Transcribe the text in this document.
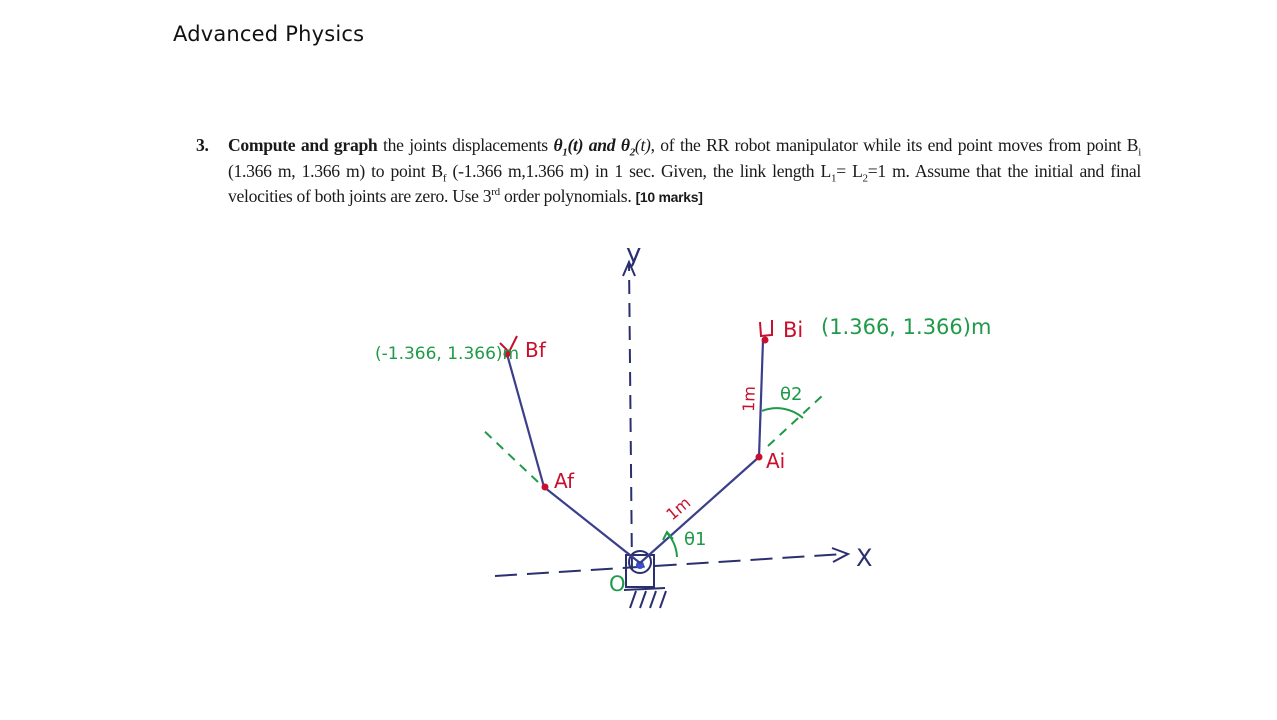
Advanced Physics
3. Compute and graph the joints displacements $\theta_1(t)$ and $\theta_2(t)$, of the RR robot manipulator while its end point moves from point $B_i$ (1.366 m, 1.366 m) to point $B_f$ (-1.366 m,1.366 m) in 1 sec. Given, the link length $L_1= L_2=1$ m. Assume that the initial and final velocities of both joints are zero. Use 3rd order polynomials. [10 marks]
y
X
O
Bi (1.366, 1.366)m
(-1.366, 1.366)m Bf
Ai
Af
1m
1m
θ1
θ2
